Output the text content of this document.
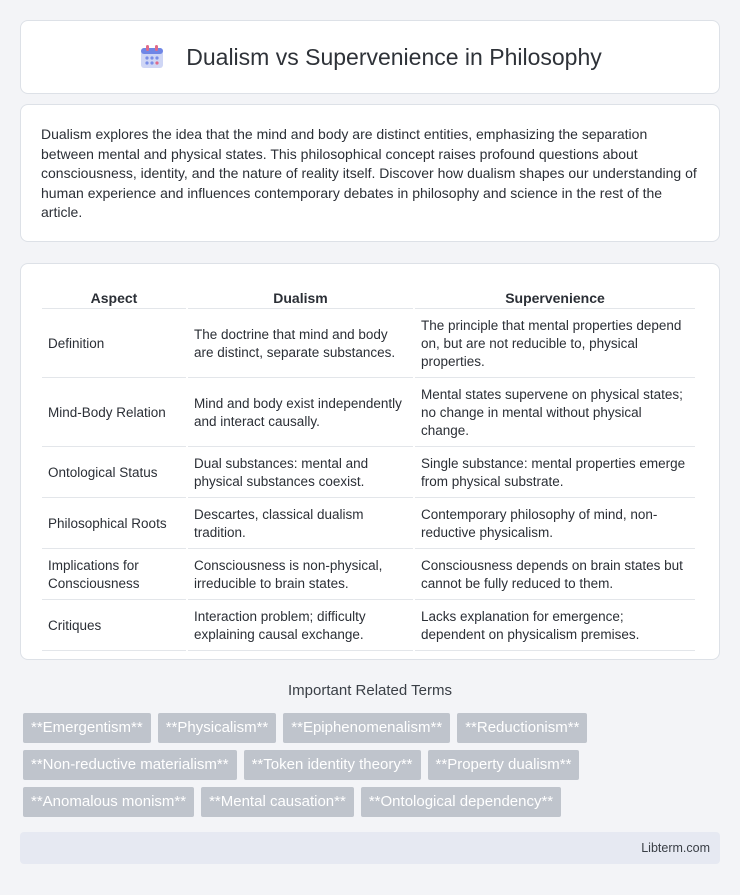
Dualism vs Supervenience in Philosophy

Dualism explores the idea that the mind and body are distinct entities, emphasizing the separation between mental and physical states. This philosophical concept raises profound questions about consciousness, identity, and the nature of reality itself. Discover how dualism shapes our understanding of human experience and influences contemporary debates in philosophy and science in the rest of the article.

Aspect	Dualism	Supervenience
Definition	The doctrine that mind and body are distinct, separate substances.	The principle that mental properties depend on, but are not reducible to, physical properties.
Mind-Body Relation	Mind and body exist independently and interact causally.	Mental states supervene on physical states; no change in mental without physical change.
Ontological Status	Dual substances: mental and physical substances coexist.	Single substance: mental properties emerge from physical substrate.
Philosophical Roots	Descartes, classical dualism tradition.	Contemporary philosophy of mind, non-reductive physicalism.
Implications for Consciousness	Consciousness is non-physical, irreducible to brain states.	Consciousness depends on brain states but cannot be fully reduced to them.
Critiques	Interaction problem; difficulty explaining causal exchange.	Lacks explanation for emergence; dependent on physicalism premises.
Important Related Terms
**Emergentism**	**Physicalism**	**Epiphenomenalism**	**Reductionism**
**Non-reductive materialism**	**Token identity theory**	**Property dualism**
**Anomalous monism**	**Mental causation**	**Ontological dependency**
Libterm.com
